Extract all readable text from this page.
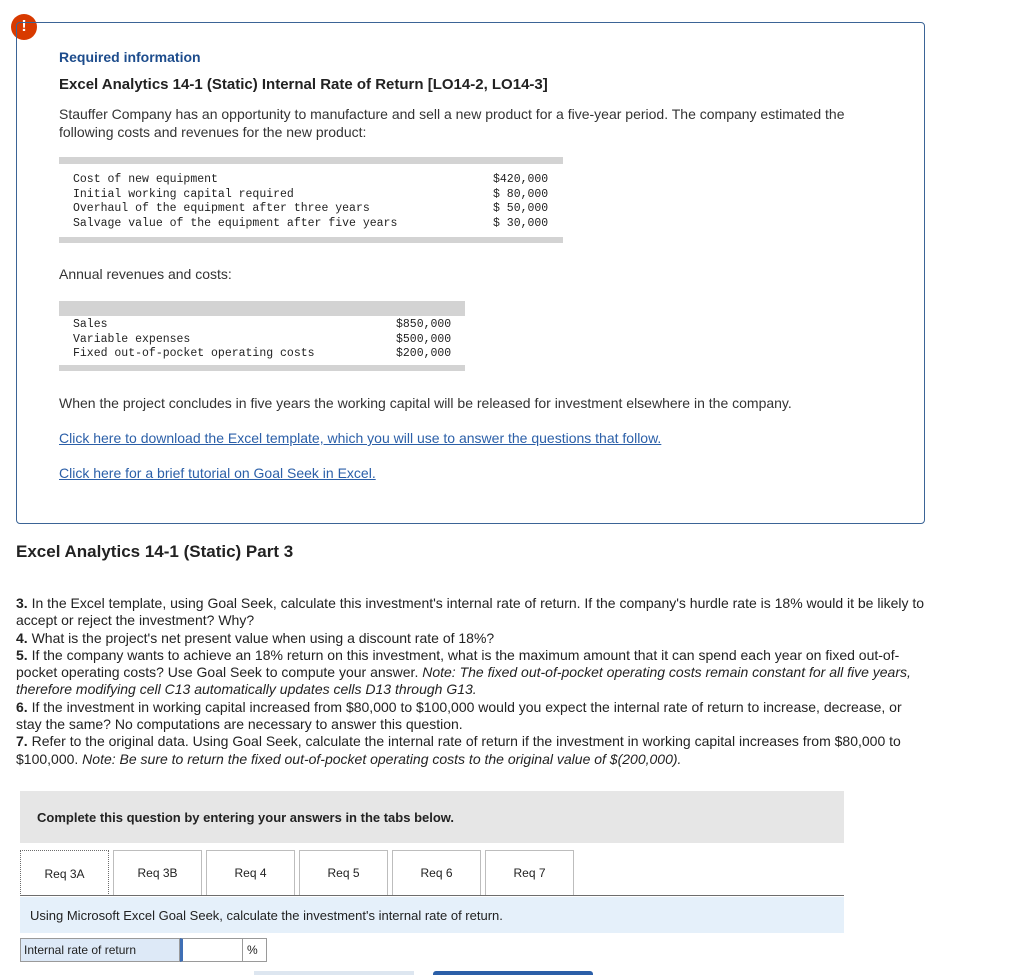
!
Required information
Excel Analytics 14-1 (Static) Internal Rate of Return [LO14-2, LO14-3]
Stauffer Company has an opportunity to manufacture and sell a new product for a five-year period. The company estimated the following costs and revenues for the new product:
Cost of new equipment	$420,000
Initial working capital required	$ 80,000
Overhaul of the equipment after three years	$ 50,000
Salvage value of the equipment after five years	$ 30,000
Annual revenues and costs:
Sales	$850,000
Variable expenses	$500,000
Fixed out-of-pocket operating costs	$200,000
When the project concludes in five years the working capital will be released for investment elsewhere in the company.
Click here to download the Excel template, which you will use to answer the questions that follow.
Click here for a brief tutorial on Goal Seek in Excel.
Excel Analytics 14-1 (Static) Part 3

3. In the Excel template, using Goal Seek, calculate this investment's internal rate of return. If the company's hurdle rate is 18% would it be likely to accept or reject the investment? Why?

4. What is the project's net present value when using a discount rate of 18%?

5. If the company wants to achieve an 18% return on this investment, what is the maximum amount that it can spend each year on fixed out-of-pocket operating costs? Use Goal Seek to compute your answer. Note: The fixed out-of-pocket operating costs remain constant for all five years, therefore modifying cell C13 automatically updates cells D13 through G13.

6. If the investment in working capital increased from $80,000 to $100,000 would you expect the internal rate of return to increase, decrease, or stay the same? No computations are necessary to answer this question.

7. Refer to the original data. Using Goal Seek, calculate the internal rate of return if the investment in working capital increases from $80,000 to $100,000. Note: Be sure to return the fixed out-of-pocket operating costs to the original value of $(200,000).

Complete this question by entering your answers in the tabs below.
Req 3A	Req 3B	Req 4	Req 5	Req 6	Req 7
Using Microsoft Excel Goal Seek, calculate the investment's internal rate of return.
Internal rate of return	%
